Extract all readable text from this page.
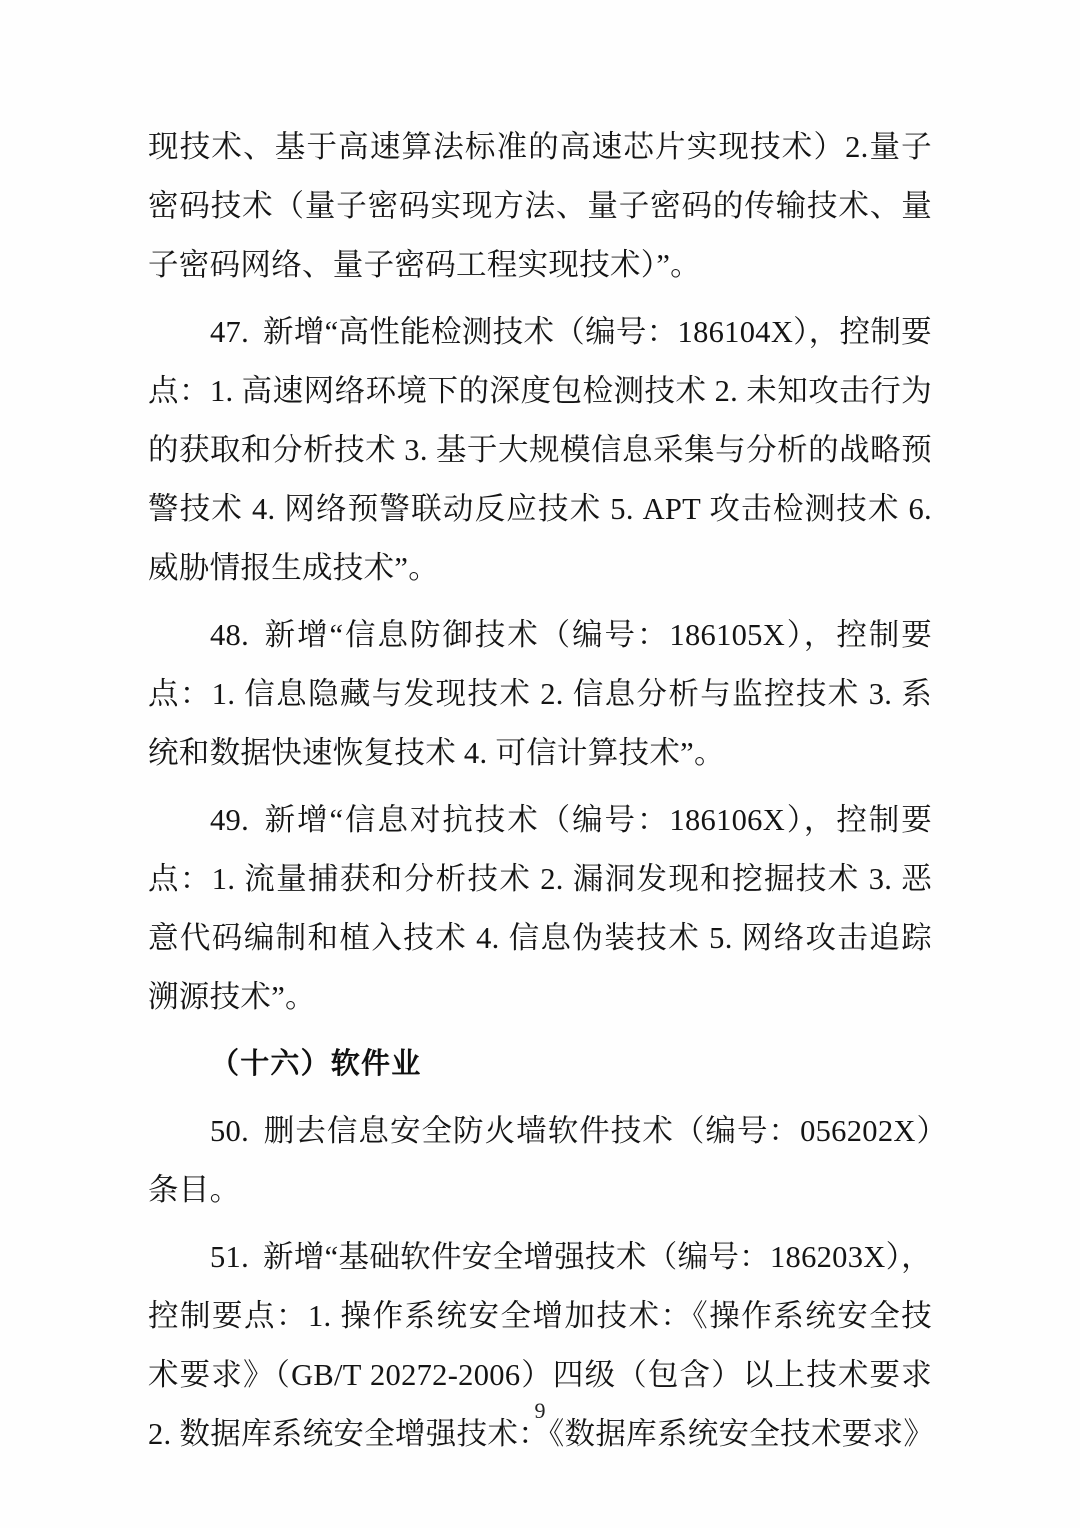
现技术、基于高速算法标准的高速芯片实现技术）2.量子密码技术（量子密码实现方法、量子密码的传输技术、量子密码网络、量子密码工程实现技术）”。

47. 新增“高性能检测技术（编号：186104X），控制要点：1. 高速网络环境下的深度包检测技术 2. 未知攻击行为的获取和分析技术 3. 基于大规模信息采集与分析的战略预警技术 4. 网络预警联动反应技术 5. APT 攻击检测技术 6. 威胁情报生成技术”。

48. 新增“信息防御技术（编号：186105X），控制要点：1. 信息隐藏与发现技术 2. 信息分析与监控技术 3. 系统和数据快速恢复技术 4. 可信计算技术”。

49. 新增“信息对抗技术（编号：186106X），控制要点：1. 流量捕获和分析技术 2. 漏洞发现和挖掘技术 3. 恶意代码编制和植入技术 4. 信息伪装技术 5. 网络攻击追踪溯源技术”。

（十六）软件业

50. 删去信息安全防火墙软件技术（编号：056202X）条目。

51. 新增“基础软件安全增强技术（编号：186203X），控制要点：1. 操作系统安全增加技术：《操作系统安全技术要求》（GB/T 20272-2006）四级（包含）以上技术要求 2. 数据库系统安全增强技术：《数据库系统安全技术要求》

9
